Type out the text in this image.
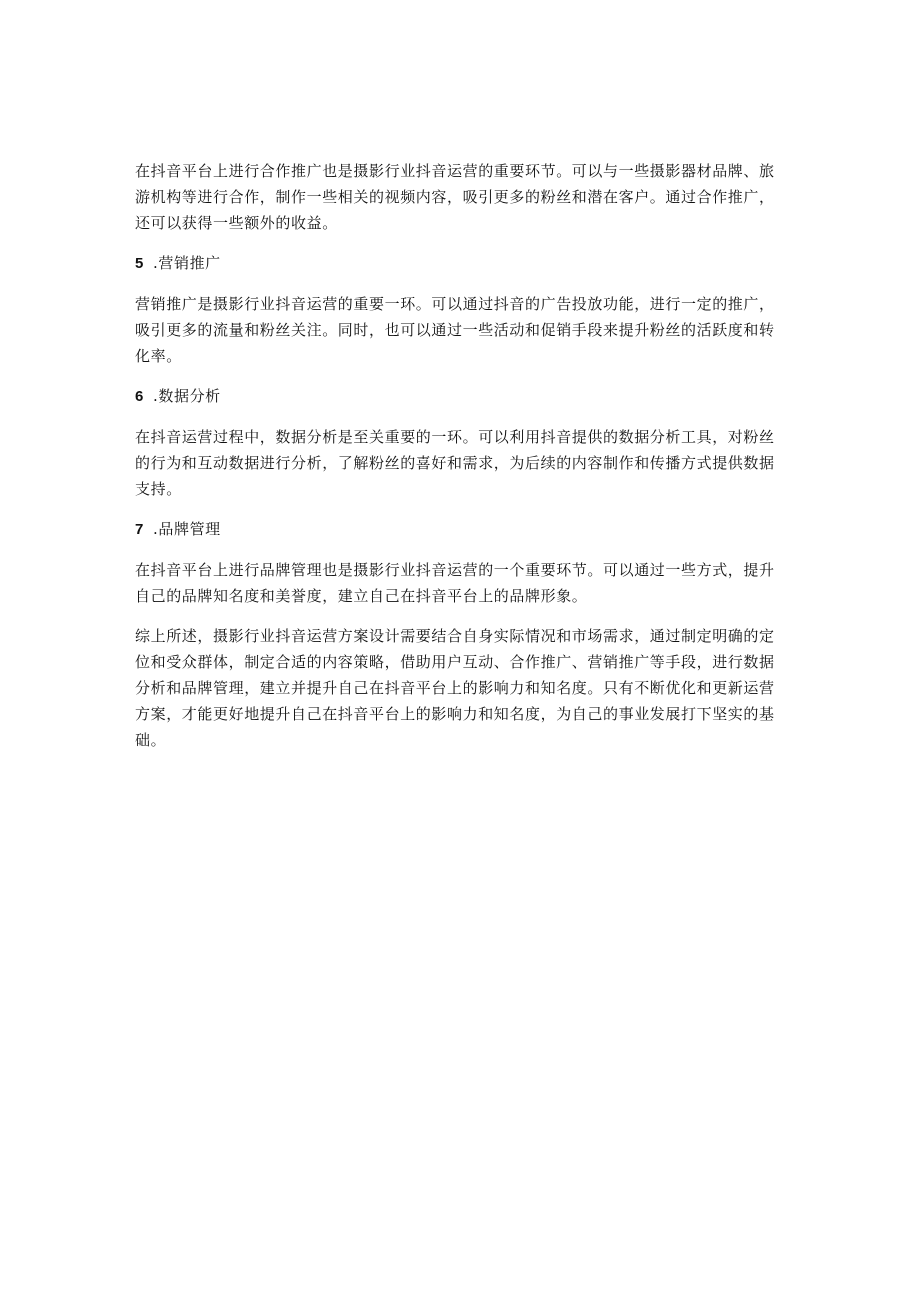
在抖音平台上进行合作推广也是摄影行业抖音运营的重要环节。可以与一些摄影器材品牌、旅游机构等进行合作，制作一些相关的视频内容，吸引更多的粉丝和潜在客户。通过合作推广，还可以获得一些额外的收益。

5 .营销推广

营销推广是摄影行业抖音运营的重要一环。可以通过抖音的广告投放功能，进行一定的推广，吸引更多的流量和粉丝关注。同时，也可以通过一些活动和促销手段来提升粉丝的活跃度和转化率。

6 .数据分析

在抖音运营过程中，数据分析是至关重要的一环。可以利用抖音提供的数据分析工具，对粉丝的行为和互动数据进行分析，了解粉丝的喜好和需求，为后续的内容制作和传播方式提供数据支持。

7 .品牌管理

在抖音平台上进行品牌管理也是摄影行业抖音运营的一个重要环节。可以通过一些方式，提升自己的品牌知名度和美誉度，建立自己在抖音平台上的品牌形象。

综上所述，摄影行业抖音运营方案设计需要结合自身实际情况和市场需求，通过制定明确的定位和受众群体，制定合适的内容策略，借助用户互动、合作推广、营销推广等手段，进行数据分析和品牌管理，建立并提升自己在抖音平台上的影响力和知名度。只有不断优化和更新运营方案，才能更好地提升自己在抖音平台上的影响力和知名度，为自己的事业发展打下坚实的基础。
